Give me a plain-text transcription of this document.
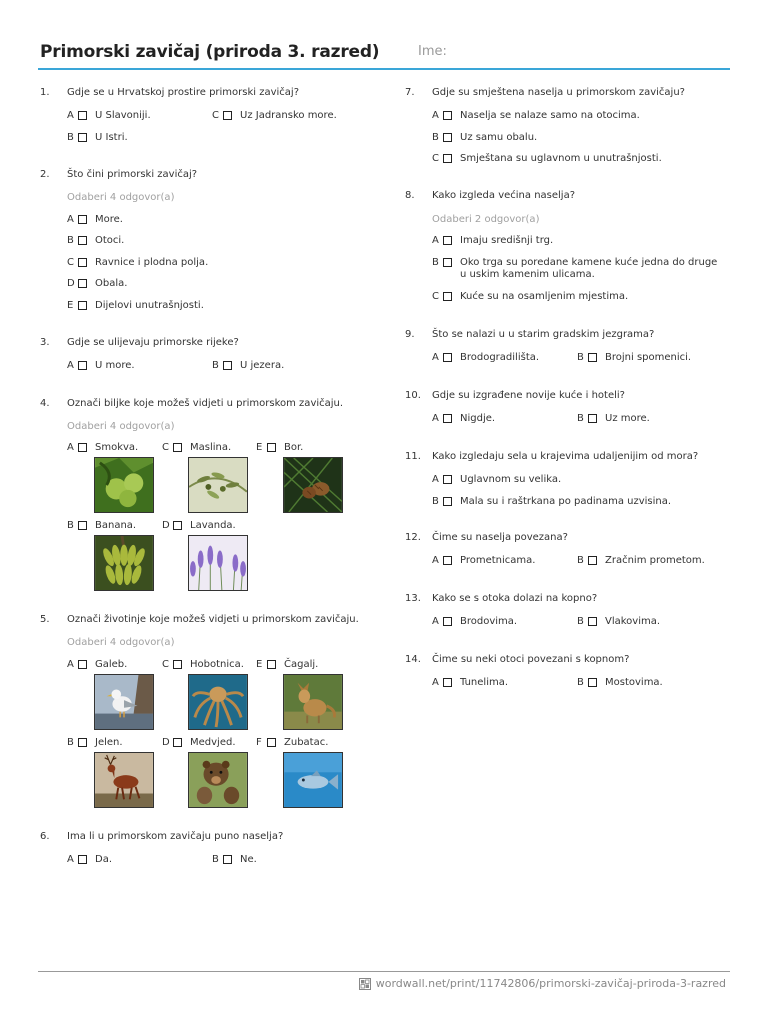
Primorski zavičaj (priroda 3. razred)	Ime:
1.	Gdje se u Hrvatskoj prostire primorski zavičaj?
A	U Slavoniji.	C	Uz Jadransko more.
B	U Istri.
2.	Što čini primorski zavičaj?
Odaberi 4 odgovor(a)
A	More.
B	Otoci.
C	Ravnice i plodna polja.
D	Obala.
E	Dijelovi unutrašnjosti.
3.	Gdje se ulijevaju primorske rijeke?
A	U more.	B	U jezera.
4.	Označi biljke koje možeš vidjeti u primorskom zavičaju.
Odaberi 4 odgovor(a)
A	Smokva. C	Maslina. E	Bor.
B	Banana.	D	Lavanda.
5.	Označi životinje koje možeš vidjeti u primorskom zavičaju.
Odaberi 4 odgovor(a)
A	Galeb.	C	Hobotnica. E	Čagalj.
B	Jelen.	D	Medvjed. F	Zubatac.
6.	Ima li u primorskom zavičaju puno naselja?
A	Da.	B	Ne.
7.	Gdje su smještena naselja u primorskom zavičaju?
A	Naselja se nalaze samo na otocima.
B	Uz samu obalu.
C	Smještana su uglavnom u unutrašnjosti.
8.	Kako izgleda većina naselja?
Odaberi 2 odgovor(a)
A	Imaju središnji trg.
B	Oko trga su poredane kamene kuće jedna do druge u uskim kamenim ulicama.
C	Kuće su na osamljenim mjestima.
9.	Što se nalazi u u starim gradskim jezgrama?
A	Brodogradilišta.	B	Brojni spomenici.
10.	Gdje su izgrađene novije kuće i hoteli?
A	Nigdje.	B	Uz more.
11.	Kako izgledaju sela u krajevima udaljenijim od mora?
A	Uglavnom su velika.
B	Mala su i raštrkana po padinama uzvisina.
12.	Čime su naselja povezana?
A	Prometnicama.	B	Zračnim prometom.
13.	Kako se s otoka dolazi na kopno?
A	Brodovima.	B	Vlakovima.
14.	Čime su neki otoci povezani s kopnom?
A	Tunelima.	B	Mostovima.
wordwall.net/print/11742806/primorski-zavičaj-priroda-3-razred
